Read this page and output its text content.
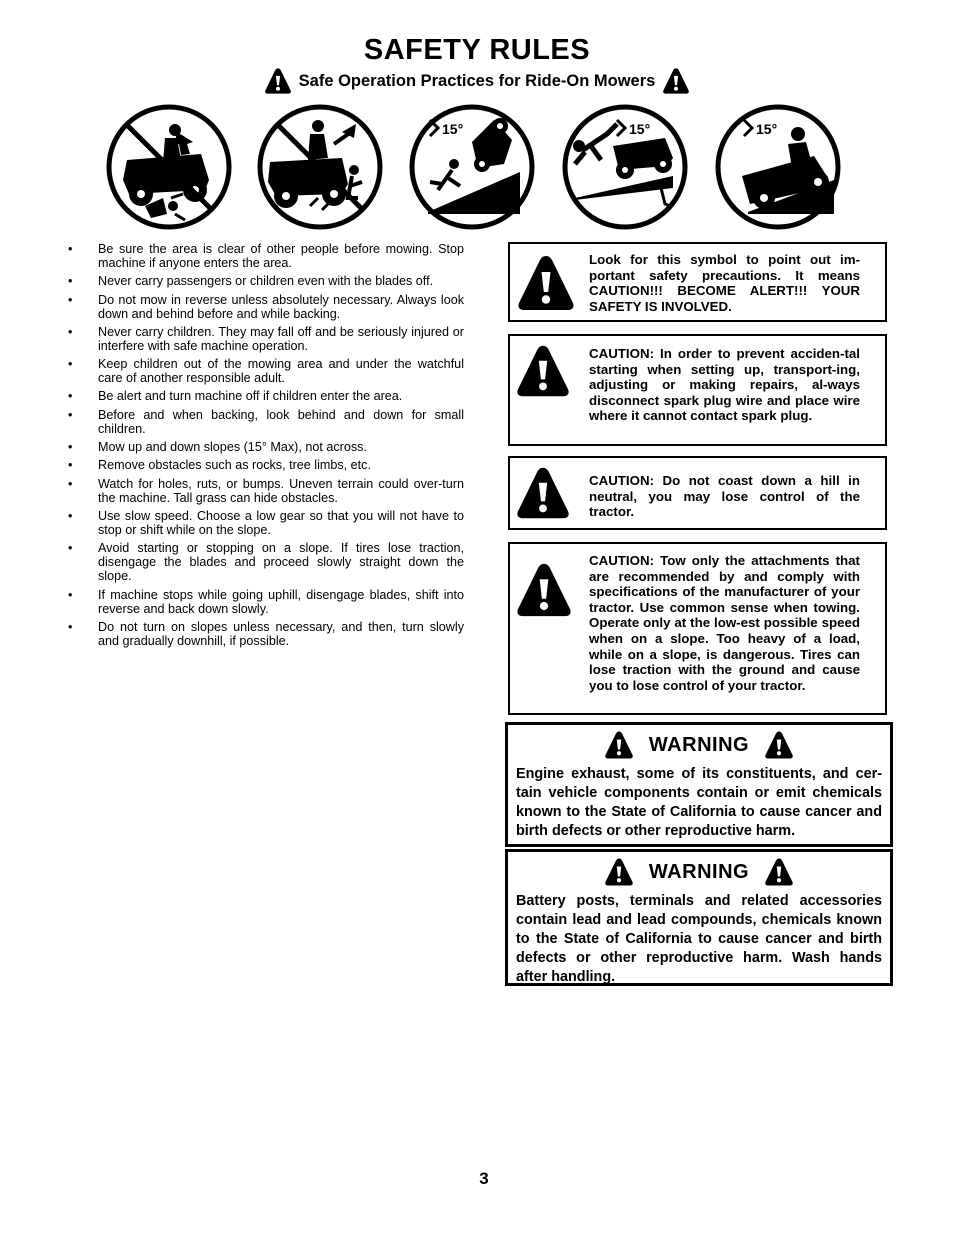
SAFETY RULES
Safe Operation Practices for Ride-On Mowers
15°	15°	15°
• Be sure the area is clear of other people before mowing. Stop machine if anyone enters the area.
• Never carry passengers or children even with the blades off.
• Do not mow in reverse unless absolutely necessary. Always look down and behind before and while backing.
• Never carry children. They may fall off and be seriously injured or interfere with safe machine operation.
• Keep children out of the mowing area and under the watchful care of another responsible adult.
• Be alert and turn machine off if children enter the area.
• Before and when backing, look behind and down for small children.
• Mow up and down slopes (15° Max), not across.
• Remove obstacles such as rocks, tree limbs, etc.
• Watch for holes, ruts, or bumps. Uneven terrain could over-turn the machine. Tall grass can hide obstacles.
• Use slow speed. Choose a low gear so that you will not have to stop or shift while on the slope.
• Avoid starting or stopping on a slope. If tires lose traction, disengage the blades and proceed slowly straight down the slope.
• If machine stops while going uphill, disengage blades, shift into reverse and back down slowly.
• Do not turn on slopes unless necessary, and then, turn slowly and gradually downhill, if possible.
Look for this symbol to point out im-portant safety precautions. It means CAUTION!!! BECOME ALERT!!! YOUR SAFETY IS INVOLVED.
CAUTION: In order to prevent acciden-tal starting when setting up, transport-ing, adjusting or making repairs, al-ways disconnect spark plug wire and place wire where it cannot contact spark plug.
CAUTION: Do not coast down a hill in neutral, you may lose control of the tractor.
CAUTION: Tow only the attachments that are recommended by and comply with specifications of the manufacturer of your tractor. Use common sense when towing. Operate only at the low-est possible speed when on a slope. Too heavy of a load, while on a slope, is dangerous. Tires can lose traction with the ground and cause you to lose control of your tractor.
WARNING
Engine exhaust, some of its constituents, and cer-tain vehicle components contain or emit chemicals known to the State of California to cause cancer and birth defects or other reproductive harm.
WARNING
Battery posts, terminals and related accessories contain lead and lead compounds, chemicals known to the State of California to cause cancer and birth defects or other reproductive harm. Wash hands after handling.
3
